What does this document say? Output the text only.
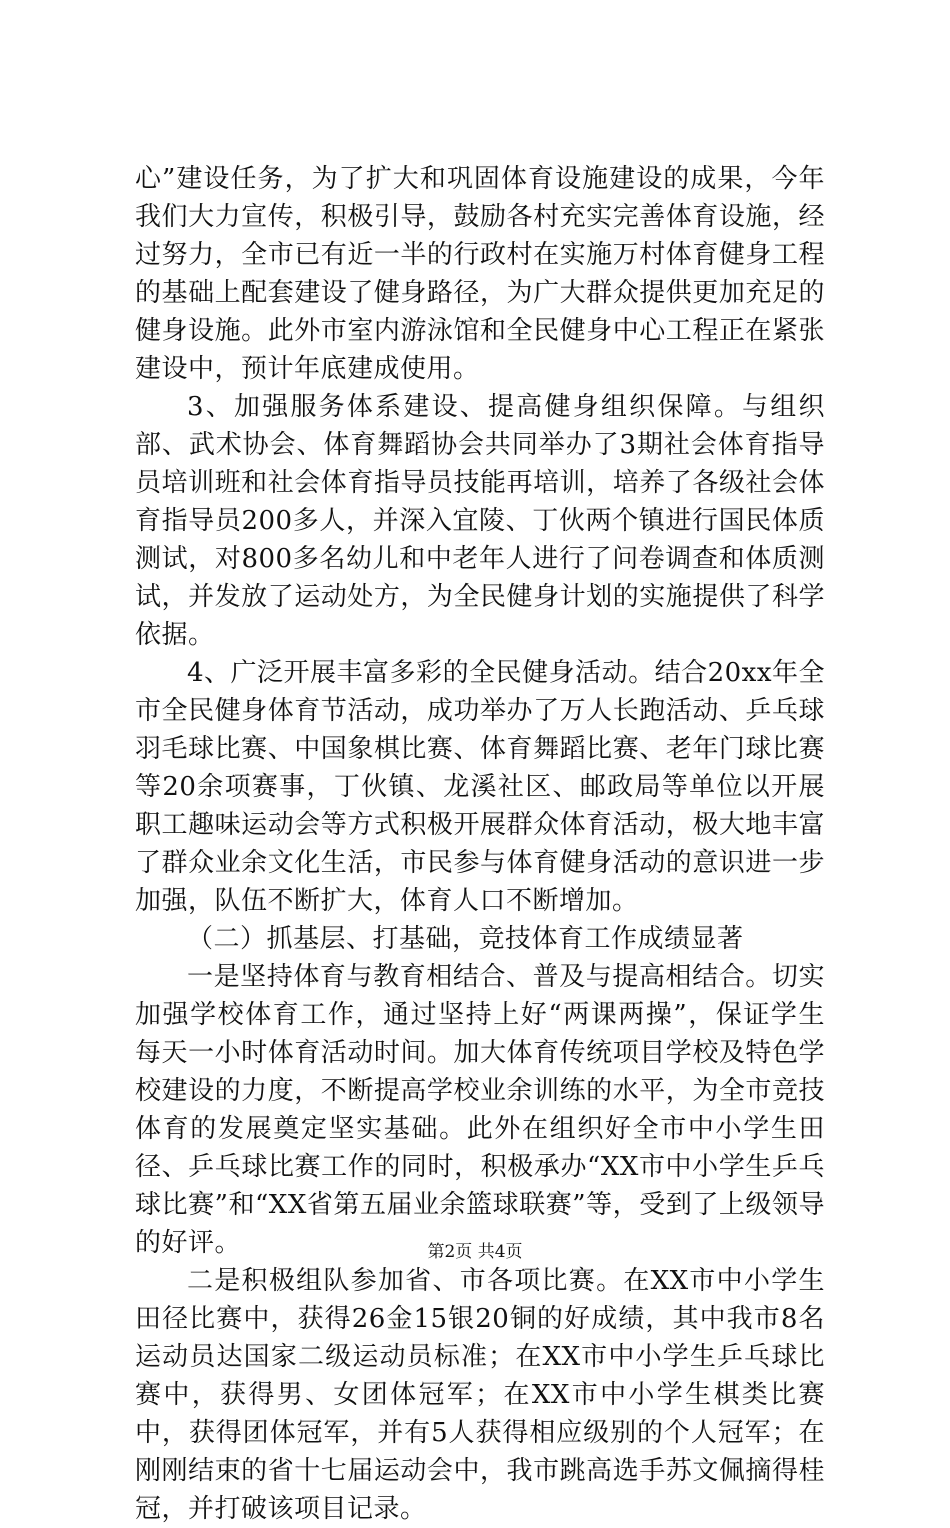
心”建设任务，为了扩大和巩固体育设施建设的成果，今年我们大力宣传，积极引导，鼓励各村充实完善体育设施，经过努力，全市已有近一半的行政村在实施万村体育健身工程的基础上配套建设了健身路径，为广大群众提供更加充足的健身设施。此外市室内游泳馆和全民健身中心工程正在紧张建设中，预计年底建成使用。

3、加强服务体系建设、提高健身组织保障。与组织部、武术协会、体育舞蹈协会共同举办了3期社会体育指导员培训班和社会体育指导员技能再培训，培养了各级社会体育指导员200多人，并深入宜陵、丁伙两个镇进行国民体质测试，对800多名幼儿和中老年人进行了问卷调查和体质测试，并发放了运动处方，为全民健身计划的实施提供了科学依据。

4、广泛开展丰富多彩的全民健身活动。结合20xx年全市全民健身体育节活动，成功举办了万人长跑活动、乒乓球羽毛球比赛、中国象棋比赛、体育舞蹈比赛、老年门球比赛等20余项赛事，丁伙镇、龙溪社区、邮政局等单位以开展职工趣味运动会等方式积极开展群众体育活动，极大地丰富了群众业余文化生活，市民参与体育健身活动的意识进一步加强，队伍不断扩大，体育人口不断增加。

（二）抓基层、打基础，竞技体育工作成绩显著

一是坚持体育与教育相结合、普及与提高相结合。切实加强学校体育工作，通过坚持上好“两课两操”，保证学生每天一小时体育活动时间。加大体育传统项目学校及特色学校建设的力度，不断提高学校业余训练的水平，为全市竞技体育的发展奠定坚实基础。此外在组织好全市中小学生田径、乒乓球比赛工作的同时，积极承办“XX市中小学生乒乓球比赛”和“XX省第五届业余篮球联赛”等，受到了上级领导的好评。

二是积极组队参加省、市各项比赛。在XX市中小学生田径比赛中，获得26金15银20铜的好成绩，其中我市8名运动员达国家二级运动员标准；在XX市中小学生乒乓球比赛中，获得男、女团体冠军；在XX市中小学生棋类比赛中，获得团体冠军，并有5人获得相应级别的个人冠军；在刚刚结束的省十七届运动会中，我市跳高选手苏文佩摘得桂冠，并打破该项目记录。

第2页 共4页
